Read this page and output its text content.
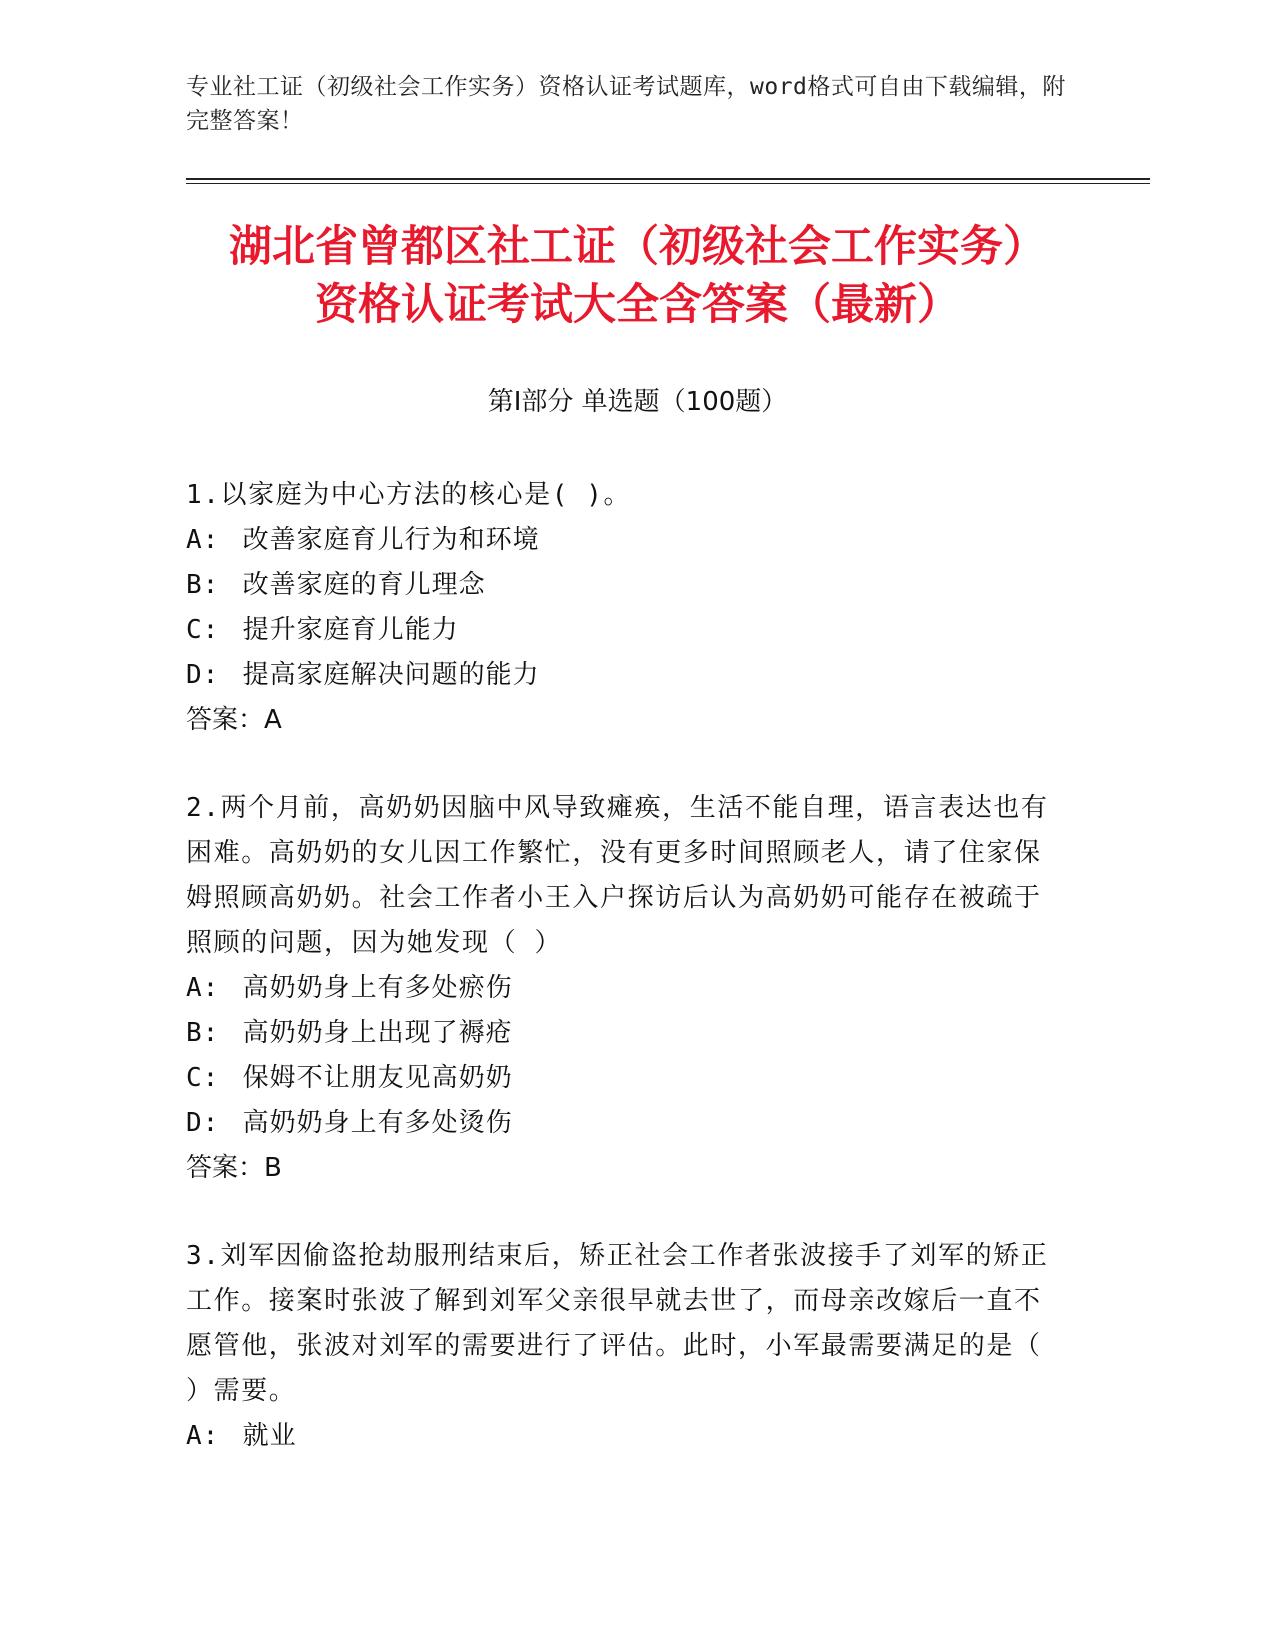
专业社工证（初级社会工作实务）资格认证考试题库，word格式可自由下载编辑，附完整答案！
湖北省曾都区社工证（初级社会工作实务）
资格认证考试大全含答案（最新）
第Ⅰ部分 单选题（100题）
1.以家庭为中心方法的核心是( )。
A: 改善家庭育儿行为和环境
B: 改善家庭的育儿理念
C: 提升家庭育儿能力
D: 提高家庭解决问题的能力
答案：A
2.两个月前，高奶奶因脑中风导致瘫痪，生活不能自理，语言表达也有困难。高奶奶的女儿因工作繁忙，没有更多时间照顾老人，请了住家保姆照顾高奶奶。社会工作者小王入户探访后认为高奶奶可能存在被疏于照顾的问题，因为她发现（ ）
A: 高奶奶身上有多处瘀伤
B: 高奶奶身上出现了褥疮
C: 保姆不让朋友见高奶奶
D: 高奶奶身上有多处烫伤
答案：B
3.刘军因偷盗抢劫服刑结束后，矫正社会工作者张波接手了刘军的矫正工作。接案时张波了解到刘军父亲很早就去世了，而母亲改嫁后一直不愿管他，张波对刘军的需要进行了评估。此时，小军最需要满足的是（ ）需要。
A: 就业
